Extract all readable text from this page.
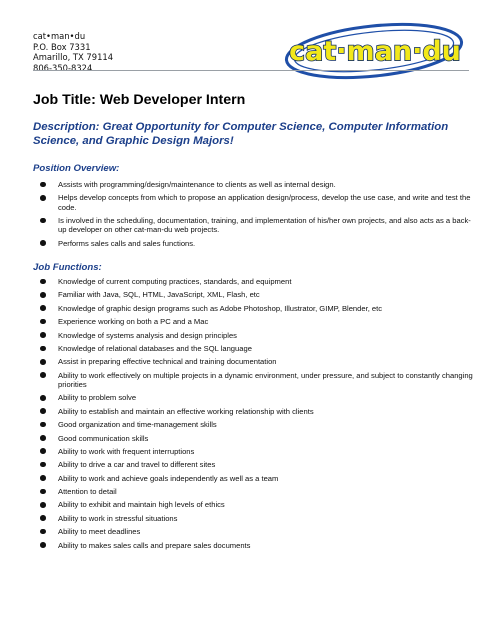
cat•man•du
P.O. Box 7331
Amarillo, TX 79114
806-350-8324
cat·man·du
Job Title: Web Developer Intern

Description: Great Opportunity for Computer Science, Computer Information Science, and Graphic Design Majors!

Position Overview:
Assists with programming/design/maintenance to clients as well as internal design.
Helps develop concepts from which to propose an application design/process, develop the use case, and write and test the code.
Is involved in the scheduling, documentation, training, and implementation of his/her own projects, and also acts as a back-up developer on other cat-man-du web projects.
Performs sales calls and sales functions.
Job Functions:
Knowledge of current computing practices, standards, and equipment
Familiar with Java, SQL, HTML, JavaScript, XML, Flash, etc
Knowledge of graphic design programs such as Adobe Photoshop, Illustrator, GIMP, Blender, etc
Experience working on both a PC and a Mac
Knowledge of systems analysis and design principles
Knowledge of relational databases and the SQL language
Assist in preparing effective technical and training documentation
Ability to work effectively on multiple projects in a dynamic environment, under pressure, and subject to constantly changing priorities
Ability to problem solve
Ability to establish and maintain an effective working relationship with clients
Good organization and time-management skills
Good communication skills
Ability to work with frequent interruptions
Ability to drive a car and travel to different sites
Ability to work and achieve goals independently as well as a team
Attention to detail
Ability to exhibit and maintain high levels of ethics
Ability to work in stressful situations
Ability to meet deadlines
Ability to makes sales calls and prepare sales documents
